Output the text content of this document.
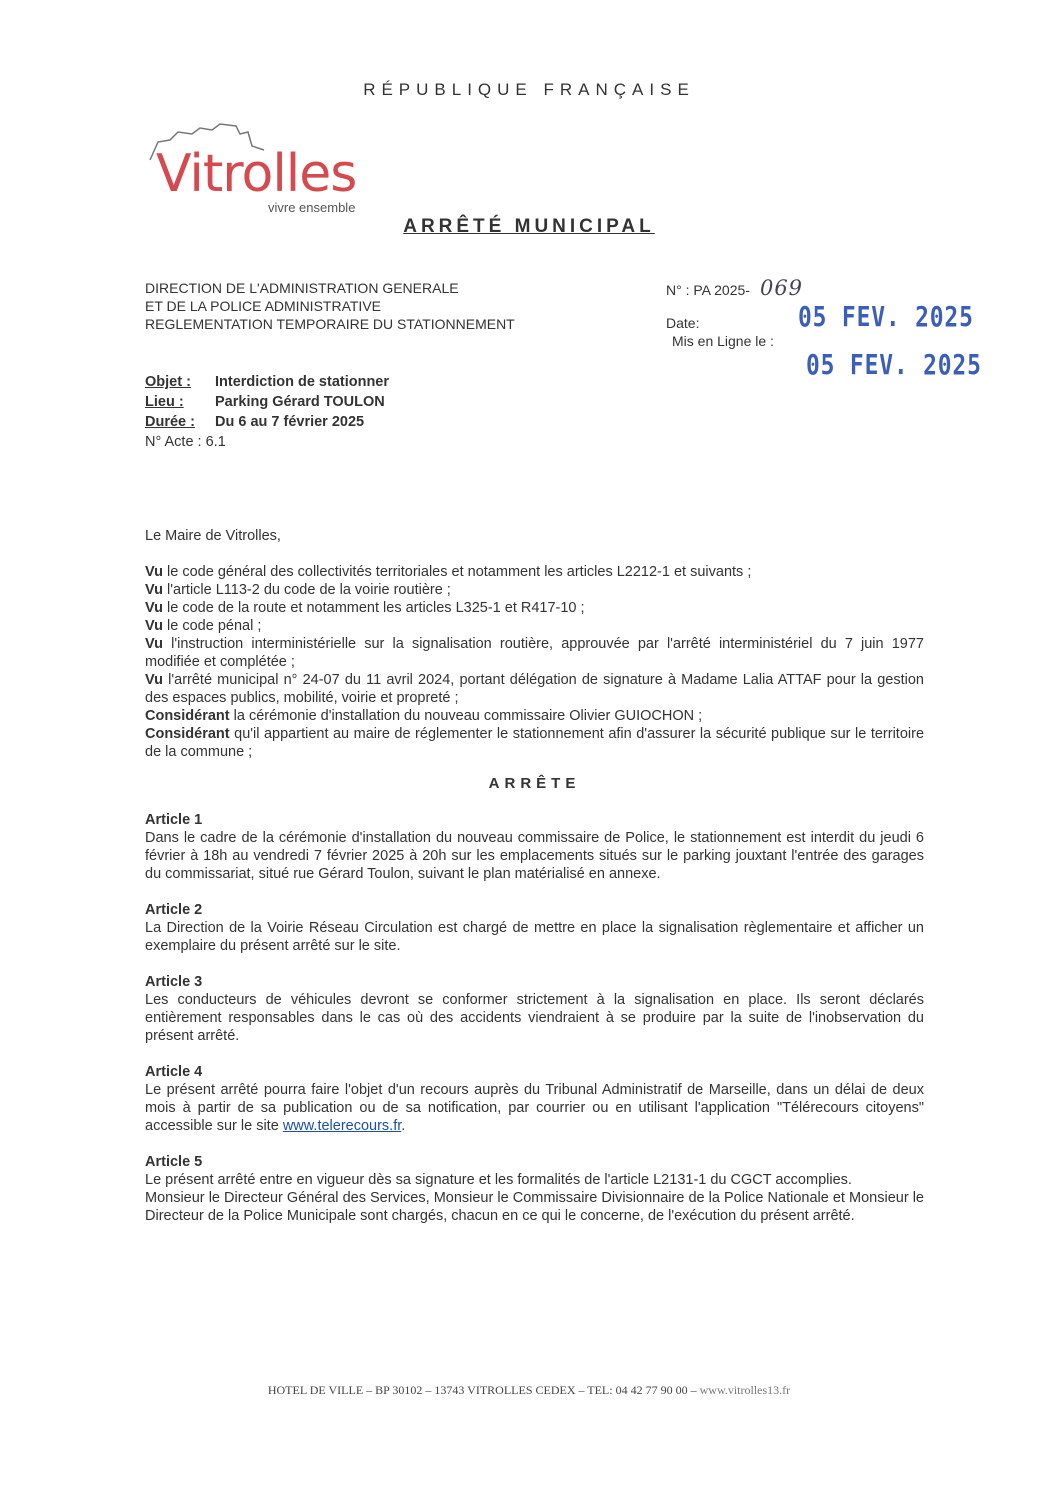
RÉPUBLIQUE FRANÇAISE
Vitrolles
vivre ensemble
ARRÊTÉ MUNICIPAL
DIRECTION DE L'ADMINISTRATION GENERALE
ET DE LA POLICE ADMINISTRATIVE
REGLEMENTATION TEMPORAIRE DU STATIONNEMENT
N° : PA 2025- 069
Date:
Mis en Ligne le :
05 FEV. 2025
05 FEV. 2025
Objet : Interdiction de stationner
Lieu : Parking Gérard TOULON
Durée : Du 6 au 7 février 2025
N° Acte : 6.1

Le Maire de Vitrolles,

Vu le code général des collectivités territoriales et notamment les articles L2212-1 et suivants ;

Vu l'article L113-2 du code de la voirie routière ;

Vu le code de la route et notamment les articles L325-1 et R417-10 ;

Vu le code pénal ;

Vu l'instruction interministérielle sur la signalisation routière, approuvée par l'arrêté interministériel du 7 juin 1977 modifiée et complétée ;

Vu l'arrêté municipal n° 24-07 du 11 avril 2024, portant délégation de signature à Madame Lalia ATTAF pour la gestion des espaces publics, mobilité, voirie et propreté ;

Considérant la cérémonie d'installation du nouveau commissaire Olivier GUIOCHON ;

Considérant qu'il appartient au maire de réglementer le stationnement afin d'assurer la sécurité publique sur le territoire de la commune ;

ARRÊTE

Article 1

Dans le cadre de la cérémonie d'installation du nouveau commissaire de Police, le stationnement est interdit du jeudi 6 février à 18h au vendredi 7 février 2025 à 20h sur les emplacements situés sur le parking jouxtant l'entrée des garages du commissariat, situé rue Gérard Toulon, suivant le plan matérialisé en annexe.

Article 2

La Direction de la Voirie Réseau Circulation est chargé de mettre en place la signalisation règlementaire et afficher un exemplaire du présent arrêté sur le site.

Article 3

Les conducteurs de véhicules devront se conformer strictement à la signalisation en place. Ils seront déclarés entièrement responsables dans le cas où des accidents viendraient à se produire par la suite de l'inobservation du présent arrêté.

Article 4

Le présent arrêté pourra faire l'objet d'un recours auprès du Tribunal Administratif de Marseille, dans un délai de deux mois à partir de sa publication ou de sa notification, par courrier ou en utilisant l'application "Télérecours citoyens" accessible sur le site www.telerecours.fr.

Article 5

Le présent arrêté entre en vigueur dès sa signature et les formalités de l'article L2131-1 du CGCT accomplies.

Monsieur le Directeur Général des Services, Monsieur le Commissaire Divisionnaire de la Police Nationale et Monsieur le Directeur de la Police Municipale sont chargés, chacun en ce qui le concerne, de l'exécution du présent arrêté.

HOTEL DE VILLE – BP 30102 – 13743 VITROLLES CEDEX – TEL: 04 42 77 90 00 – www.vitrolles13.fr
